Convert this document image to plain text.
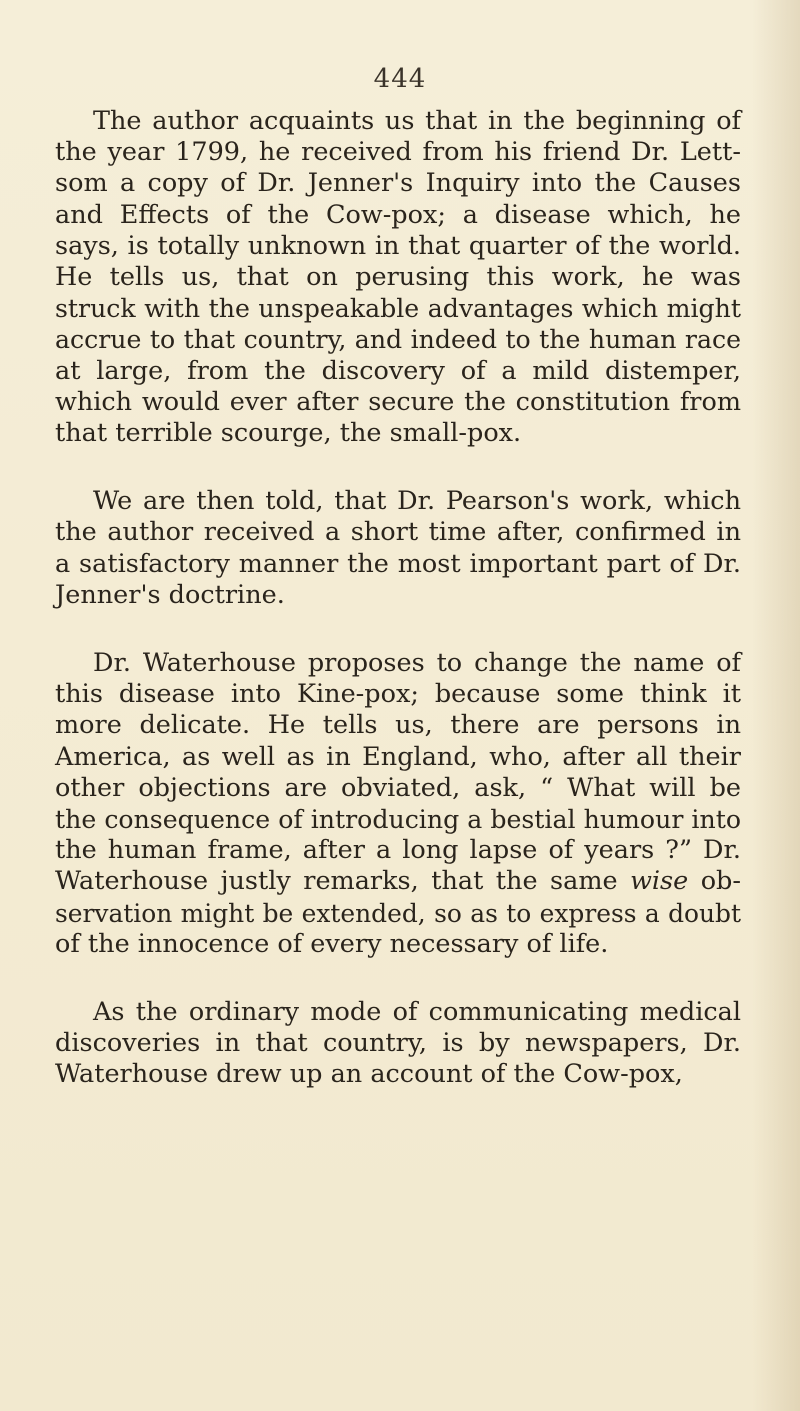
444

The author acquaints us that in the beginning of
the year 1799, he received from his friend Dr. Lett-
som a copy of Dr. Jenner's Inquiry into the Causes
and Effects of the Cow-pox; a disease which, he
says, is totally unknown in that quarter of the world.
He tells us, that on perusing this work, he was
struck with the unspeakable advantages which might
accrue to that country, and indeed to the human race
at large, from the discovery of a mild distemper,
which would ever after secure the constitution from
that terrible scourge, the small-pox.

We are then told, that Dr. Pearson's work, which
the author received a short time after, confirmed in
a satisfactory manner the most important part of Dr.
Jenner's doctrine.

Dr. Waterhouse proposes to change the name of
this disease into Kine-pox; because some think it
more delicate. He tells us, there are persons in
America, as well as in England, who, after all their
other objections are obviated, ask, “ What will be
the consequence of introducing a bestial humour into
the human frame, after a long lapse of years ?” Dr.
Waterhouse justly remarks, that the same wise ob-
servation might be extended, so as to express a doubt
of the innocence of every necessary of life.

As the ordinary mode of communicating medical
discoveries in that country, is by newspapers, Dr.
Waterhouse drew up an account of the Cow-pox,
